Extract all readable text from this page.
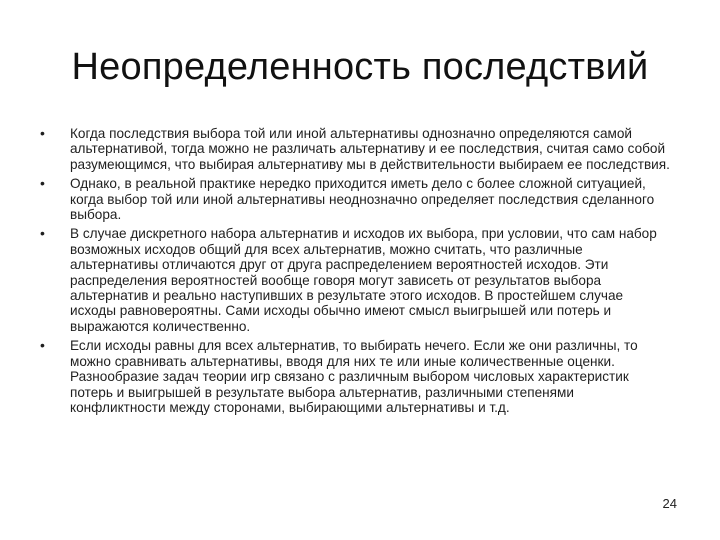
Неопределенность последствий
• Когда последствия выбора той или иной альтернативы однозначно определяются самой альтернативой, тогда можно не различать альтернативу и ее последствия, считая само собой разумеющимся, что выбирая альтернативу мы в действительности выбираем ее последствия.
• Однако, в реальной практике нередко приходится иметь дело с более сложной ситуацией, когда выбор той или иной альтернативы неоднозначно определяет последствия сделанного выбора.
• В случае дискретного набора альтернатив и исходов их выбора, при условии, что сам набор возможных исходов общий для всех альтернатив, можно считать, что различные альтернативы отличаются друг от друга распределением вероятностей исходов. Эти распределения вероятностей вообще говоря могут зависеть от результатов выбора альтернатив и реально наступивших в результате этого исходов. В простейшем случае исходы равновероятны. Сами исходы обычно имеют смысл выигрышей или потерь и выражаются количественно.
• Если исходы равны для всех альтернатив, то выбирать нечего. Если же они различны, то можно сравнивать альтернативы, вводя для них те или иные количественные оценки. Разнообразие задач теории игр связано с различным выбором числовых характеристик потерь и выигрышей в результате выбора альтернатив, различными степенями конфликтности между сторонами, выбирающими альтернативы и т.д.
24
